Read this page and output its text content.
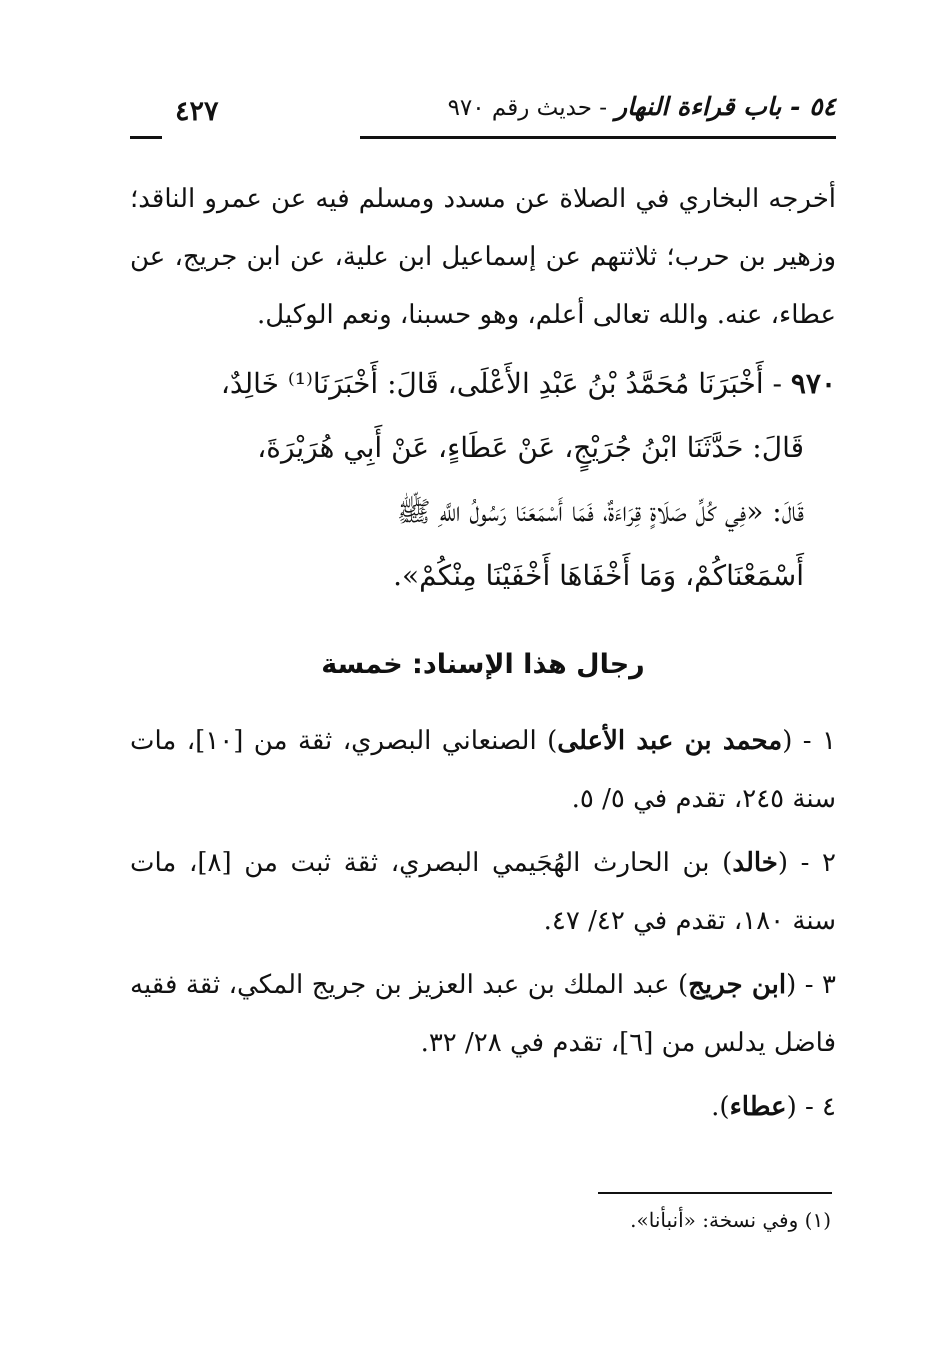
٥٤ - باب قراءة النهار - حديث رقم ٩٧٠
٤٢٧

أخرجه البخاري في الصلاة عن مسدد ومسلم فيه عن عمرو الناقد؛ وزهير بن حرب؛ ثلاثتهم عن إسماعيل ابن علية، عن ابن جريج، عن عطاء، عنه. والله تعالى أعلم، وهو حسبنا، ونعم الوكيل.

٩٧٠ - أَخْبَرَنَا مُحَمَّدُ بْنُ عَبْدِ الأَعْلَى، قَالَ: أَخْبَرَنَا⁽¹⁾ خَالِدٌ،
قَالَ: حَدَّثَنَا ابْنُ جُرَيْجٍ، عَنْ عَطَاءٍ، عَنْ أَبِي هُرَيْرَةَ،
قَالَ: «فِي كُلِّ صَلَاةٍ قِرَاءَةٌ، فَمَا أَسْمَعَنَا رَسُولُ اللَّهِ ﷺ
أَسْمَعْنَاكُمْ، وَمَا أَخْفَاهَا أَخْفَيْنَا مِنْكُمْ».

رجال هذا الإسناد: خمسة

١ - (محمد بن عبد الأعلى) الصنعاني البصري، ثقة من [١٠]، مات سنة ٢٤٥، تقدم في ٥/ ٥.

٢ - (خالد) بن الحارث الهُجَيمي البصري، ثقة ثبت من [٨]، مات سنة ١٨٠، تقدم في ٤٢/ ٤٧.

٣ - (ابن جريج) عبد الملك بن عبد العزيز بن جريج المكي، ثقة فقيه فاضل يدلس من [٦]، تقدم في ٢٨/ ٣٢.

٤ - (عطاء).

(١) وفي نسخة: «أنبأنا».
